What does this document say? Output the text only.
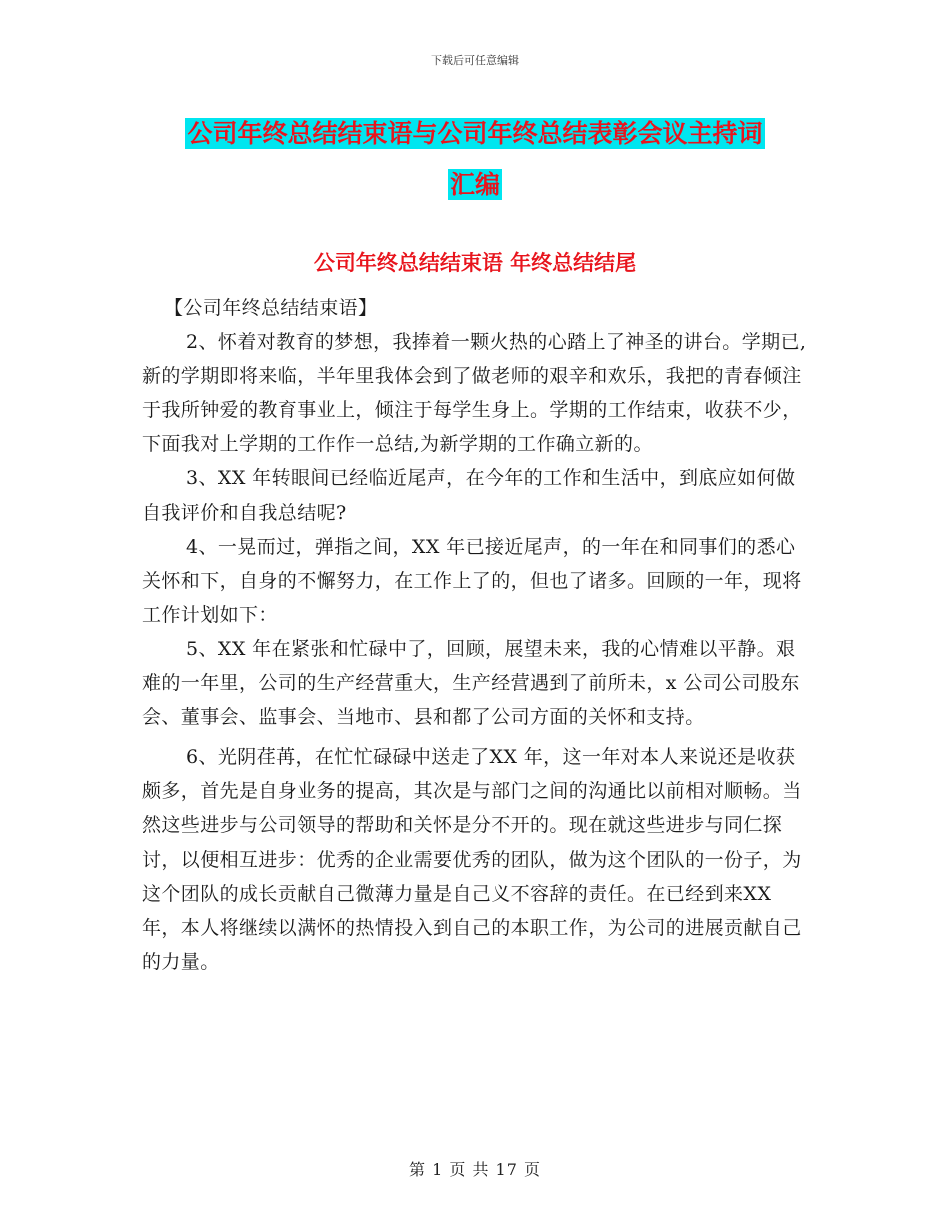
下载后可任意编辑
公司年终总结结束语与公司年终总结表彰会议主持词
汇编
公司年终总结结束语 年终总结结尾

【公司年终总结结束语】

2、怀着对教育的梦想，我捧着一颗火热的心踏上了神圣的讲台。学期已,新的学期即将来临，半年里我体会到了做老师的艰辛和欢乐，我把的青春倾注于我所钟爱的教育事业上，倾注于每学生身上。学期的工作结束，收获不少，下面我对上学期的工作作一总结,为新学期的工作确立新的。

3、XX 年转眼间已经临近尾声，在今年的工作和生活中，到底应如何做自我评价和自我总结呢?

4、一晃而过，弹指之间，XX 年已接近尾声，的一年在和同事们的悉心关怀和下，自身的不懈努力，在工作上了的，但也了诸多。回顾的一年，现将工作计划如下：

5、XX 年在紧张和忙碌中了，回顾，展望未来，我的心情难以平静。艰难的一年里，公司的生产经营重大，生产经营遇到了前所未，x 公司公司股东会、董事会、监事会、当地市、县和都了公司方面的关怀和支持。

6、光阴荏苒，在忙忙碌碌中送走了XX 年，这一年对本人来说还是收获颇多，首先是自身业务的提高，其次是与部门之间的沟通比以前相对顺畅。当然这些进步与公司领导的帮助和关怀是分不开的。现在就这些进步与同仁探讨，以便相互进步：优秀的企业需要优秀的团队，做为这个团队的一份子，为这个团队的成长贡献自己微薄力量是自己义不容辞的责任。在已经到来XX 年，本人将继续以满怀的热情投入到自己的本职工作，为公司的进展贡献自己的力量。

第 1 页 共 17 页
